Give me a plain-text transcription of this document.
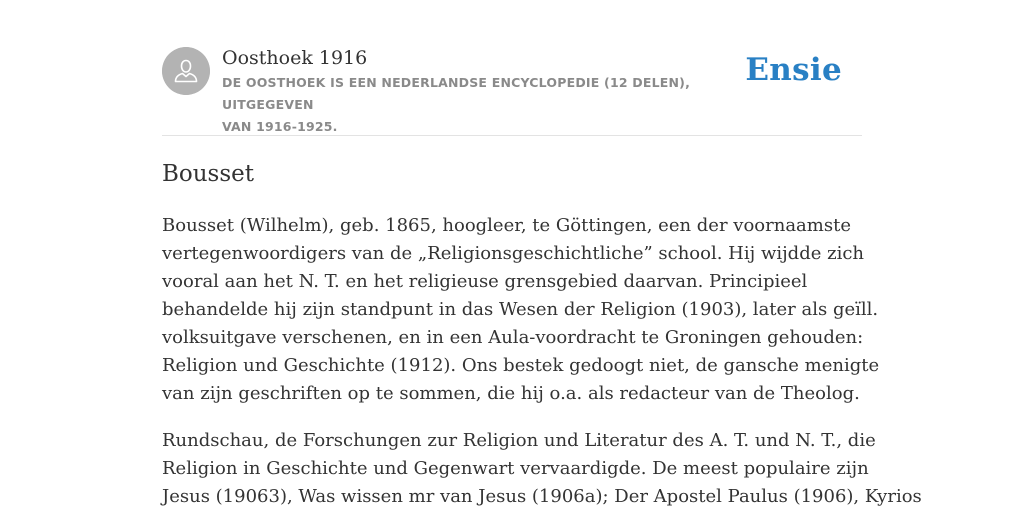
Oosthoek 1916
DE OOSTHOEK IS EEN NEDERLANDSE ENCYCLOPEDIE (12 DELEN), UITGEGEVEN
VAN 1916-1925.
Ensie
Bousset

Bousset (Wilhelm), geb. 1865, hoogleer, te Göttingen, een der voornaamste
vertegenwoordigers van de „Religionsgeschichtliche” school. Hij wijdde zich
vooral aan het N. T. en het religieuse grensgebied daarvan. Principieel
behandelde hij zijn standpunt in das Wesen der Religion (1903), later als geïll.
volksuitgave verschenen, en in een Aula-voordracht te Groningen gehouden:
Religion und Geschichte (1912). Ons bestek gedoogt niet, de gansche menigte
van zijn geschriften op te sommen, die hij o.a. als redacteur van de Theolog.

Rundschau, de Forschungen zur Religion und Literatur des A. T. und N. T., die
Religion in Geschichte und Gegenwart vervaardigde. De meest populaire zijn
Jesus (19063), Was wissen mr van Jesus (1906a); Der Apostel Paulus (1906), Kyrios
